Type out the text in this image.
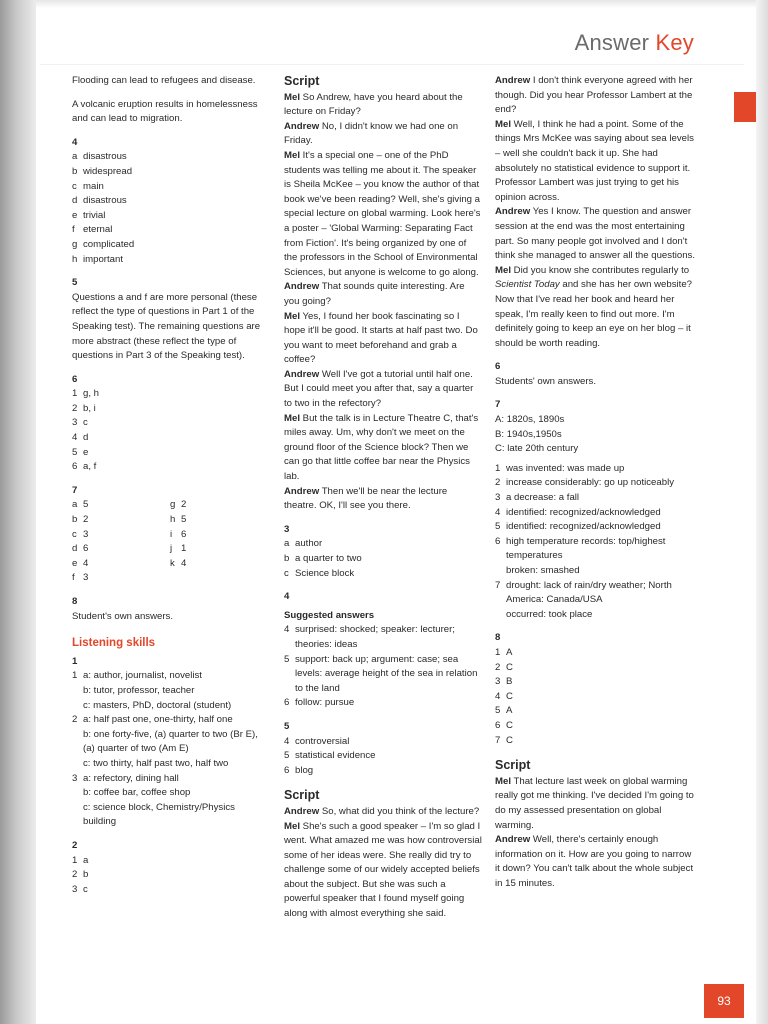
Answer Key

Flooding can lead to refugees and disease.

A volcanic eruption results in homelessness and can lead to migration.

4
a disastrous
b widespread
c main
d disastrous
e trivial
f eternal
g complicated
h important
5

Questions a and f are more personal (these reflect the type of questions in Part 1 of the Speaking test). The remaining questions are more abstract (these reflect the type of questions in Part 3 of the Speaking test).

6
1 g, h
2 b, i
3 c
4 d
5 e
6 a, f
7
a 5
b 2
c 3
d 6
e 4
f 3
g 2
h 5
i 6
j 1
k 4
8

Student's own answers.

Listening skills
1
1 a: author, journalist, novelist
b: tutor, professor, teacher
c: masters, PhD, doctoral (student)
2 a: half past one, one-thirty, half one
b: one forty-five, (a) quarter to two (Br E), (a) quarter of two (Am E)
c: two thirty, half past two, half two
3 a: refectory, dining hall
b: coffee bar, coffee shop
c: science block, Chemistry/Physics building
2
1 a
2 b
3 c
Script

Mel So Andrew, have you heard about the lecture on Friday?

Andrew No, I didn't know we had one on Friday.

Mel It's a special one – one of the PhD students was telling me about it. The speaker is Sheila McKee – you know the author of that book we've been reading? Well, she's giving a special lecture on global warming. Look here's a poster – 'Global Warming: Separating Fact from Fiction'. It's being organized by one of the professors in the School of Environmental Sciences, but anyone is welcome to go along.

Andrew That sounds quite interesting. Are you going?

Mel Yes, I found her book fascinating so I hope it'll be good. It starts at half past two. Do you want to meet beforehand and grab a coffee?

Andrew Well I've got a tutorial until half one. But I could meet you after that, say a quarter to two in the refectory?

Mel But the talk is in Lecture Theatre C, that's miles away. Um, why don't we meet on the ground floor of the Science block? Then we can go that little coffee bar near the Physics lab.

Andrew Then we'll be near the lecture theatre. OK, I'll see you there.

3
a author
b a quarter to two
c Science block
4
Suggested answers
4 surprised: shocked; speaker: lecturer; theories: ideas
5 support: back up; argument: case; sea levels: average height of the sea in relation to the land
6 follow: pursue
5
4 controversial
5 statistical evidence
6 blog
Script

Andrew So, what did you think of the lecture?

Mel She's such a good speaker – I'm so glad I went. What amazed me was how controversial some of her ideas were. She really did try to challenge some of our widely accepted beliefs about the subject. But she was such a powerful speaker that I found myself going along with almost everything she said.

Andrew I don't think everyone agreed with her though. Did you hear Professor Lambert at the end?

Mel Well, I think he had a point. Some of the things Mrs McKee was saying about sea levels – well she couldn't back it up. She had absolutely no statistical evidence to support it. Professor Lambert was just trying to get his opinion across.

Andrew Yes I know. The question and answer session at the end was the most entertaining part. So many people got involved and I don't think she managed to answer all the questions.

Mel Did you know she contributes regularly to Scientist Today and she has her own website? Now that I've read her book and heard her speak, I'm really keen to find out more. I'm definitely going to keep an eye on her blog – it should be worth reading.

6

Students' own answers.

7
A: 1820s, 1890s
B: 1940s,1950s
C: late 20th century
1 was invented: was made up
2 increase considerably: go up noticeably
3 a decrease: a fall
4 identified: recognized/acknowledged
5 identified: recognized/acknowledged
6 high temperature records: top/highest temperatures
broken: smashed
7 drought: lack of rain/dry weather; North America: Canada/USA
occurred: took place
8
1 A
2 C
3 B
4 C
5 A
6 C
7 C
Script

Mel That lecture last week on global warming really got me thinking. I've decided I'm going to do my assessed presentation on global warming.

Andrew Well, there's certainly enough information on it. How are you going to narrow it down? You can't talk about the whole subject in 15 minutes.

93
